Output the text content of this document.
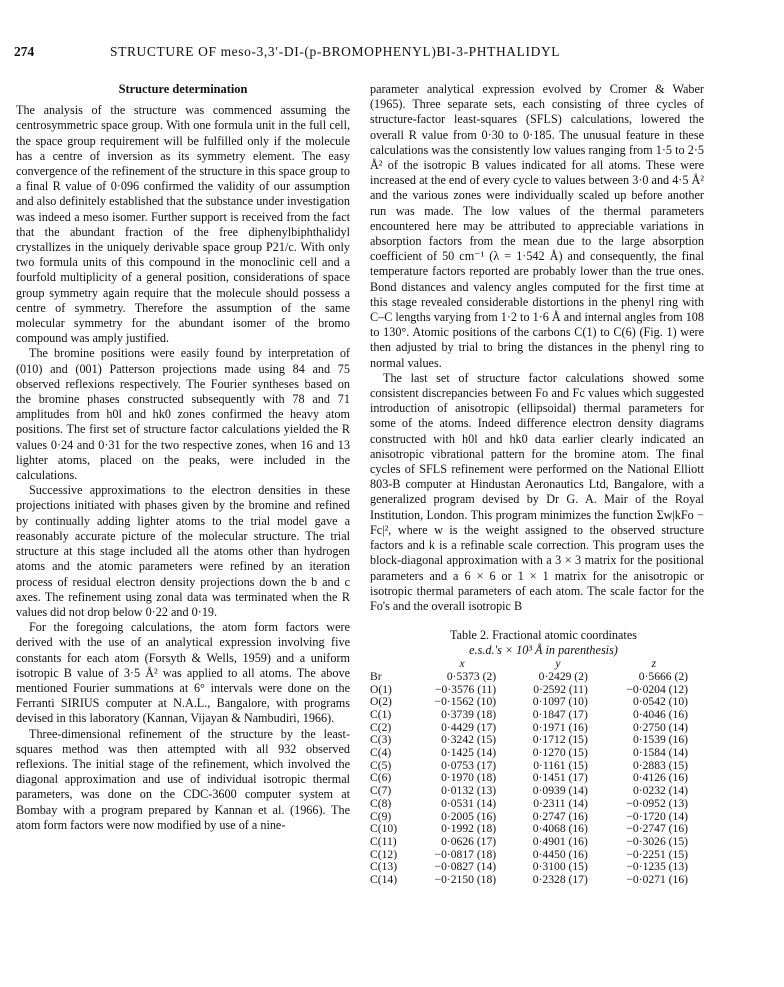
274	STRUCTURE OF meso-3,3′-DI-(p-BROMOPHENYL)BI-3-PHTHALIDYL
Structure determination

The analysis of the structure was commenced assuming the centrosymmetric space group. With one formula unit in the full cell, the space group requirement will be fulfilled only if the molecule has a centre of inversion as its symmetry element. The easy convergence of the refinement of the structure in this space group to a final R value of 0·096 confirmed the validity of our assumption and also definitely established that the substance under investigation was indeed a meso isomer. Further support is received from the fact that the abundant fraction of the free diphenylbiphthalidyl crystallizes in the uniquely derivable space group P21/c. With only two formula units of this compound in the monoclinic cell and a fourfold multiplicity of a general position, considerations of space group symmetry again require that the molecule should possess a centre of symmetry. Therefore the assumption of the same molecular symmetry for the abundant isomer of the bromo compound was amply justified.

The bromine positions were easily found by interpretation of (010) and (001) Patterson projections made using 84 and 75 observed reflexions respectively. The Fourier syntheses based on the bromine phases constructed subsequently with 78 and 71 amplitudes from h0l and hk0 zones confirmed the heavy atom positions. The first set of structure factor calculations yielded the R values 0·24 and 0·31 for the two respective zones, when 16 and 13 lighter atoms, placed on the peaks, were included in the calculations.

Successive approximations to the electron densities in these projections initiated with phases given by the bromine and refined by continually adding lighter atoms to the trial model gave a reasonably accurate picture of the molecular structure. The trial structure at this stage included all the atoms other than hydrogen atoms and the atomic parameters were refined by an iteration process of residual electron density projections down the b and c axes. The refinement using zonal data was terminated when the R values did not drop below 0·22 and 0·19.

For the foregoing calculations, the atom form factors were derived with the use of an analytical expression involving five constants for each atom (Forsyth & Wells, 1959) and a uniform isotropic B value of 3·5 Å² was applied to all atoms. The above mentioned Fourier summations at 6° intervals were done on the Ferranti SIRIUS computer at N.A.L., Bangalore, with programs devised in this laboratory (Kannan, Vijayan & Nambudiri, 1966).

Three-dimensional refinement of the structure by the least-squares method was then attempted with all 932 observed reflexions. The initial stage of the refinement, which involved the diagonal approximation and use of individual isotropic thermal parameters, was done on the CDC-3600 computer system at Bombay with a program prepared by Kannan et al. (1966). The atom form factors were now modified by use of a nine-

parameter analytical expression evolved by Cromer & Waber (1965). Three separate sets, each consisting of three cycles of structure-factor least-squares (SFLS) calculations, lowered the overall R value from 0·30 to 0·185. The unusual feature in these calculations was the consistently low values ranging from 1·5 to 2·5 Å² of the isotropic B values indicated for all atoms. These were increased at the end of every cycle to values between 3·0 and 4·5 Å² and the various zones were individually scaled up before another run was made. The low values of the thermal parameters encountered here may be attributed to appreciable variations in absorption factors from the mean due to the large absorption coefficient of 50 cm⁻¹ (λ = 1·542 Å) and consequently, the final temperature factors reported are probably lower than the true ones. Bond distances and valency angles computed for the first time at this stage revealed considerable distortions in the phenyl ring with C–C lengths varying from 1·2 to 1·6 Å and internal angles from 108 to 130°. Atomic positions of the carbons C(1) to C(6) (Fig. 1) were then adjusted by trial to bring the distances in the phenyl ring to normal values.

The last set of structure factor calculations showed some consistent discrepancies between Fo and Fc values which suggested introduction of anisotropic (ellipsoidal) thermal parameters for some of the atoms. Indeed difference electron density diagrams constructed with h0l and hk0 data earlier clearly indicated an anisotropic vibrational pattern for the bromine atom. The final cycles of SFLS refinement were performed on the National Elliott 803-B computer at Hindustan Aeronautics Ltd, Bangalore, with a generalized program devised by Dr G. A. Mair of the Royal Institution, London. This program minimizes the function Σw|kFo − Fc|², where w is the weight assigned to the observed structure factors and k is a refinable scale correction. This program uses the block-diagonal approximation with a 3 × 3 matrix for the positional parameters and a 6 × 6 or 1 × 1 matrix for the anisotropic or isotropic thermal parameters of each atom. The scale factor for the Fo's and the overall isotropic B

Table 2. Fractional atomic coordinates

e.s.d.'s × 10³ Å in parenthesis)

	x	y	z
Br	0·5373 (2)	0·2429 (2)	0·5666 (2)
O(1)	−0·3576 (11)	0·2592 (11)	−0·0204 (12)
O(2)	−0·1562 (10)	0·1097 (10)	0·0542 (10)
C(1)	0·3739 (18)	0·1847 (17)	0·4046 (16)
C(2)	0·4429 (17)	0·1971 (16)	0·2750 (14)
C(3)	0·3242 (15)	0·1712 (15)	0·1539 (16)
C(4)	0·1425 (14)	0·1270 (15)	0·1584 (14)
C(5)	0·0753 (17)	0·1161 (15)	0·2883 (15)
C(6)	0·1970 (18)	0·1451 (17)	0·4126 (16)
C(7)	0·0132 (13)	0·0939 (14)	0·0232 (14)
C(8)	0·0531 (14)	0·2311 (14)	−0·0952 (13)
C(9)	0·2005 (16)	0·2747 (16)	−0·1720 (14)
C(10)	0·1992 (18)	0·4068 (16)	−0·2747 (16)
C(11)	0·0626 (17)	0·4901 (16)	−0·3026 (15)
C(12)	−0·0817 (18)	0·4450 (16)	−0·2251 (15)
C(13)	−0·0827 (14)	0·3100 (15)	−0·1235 (13)
C(14)	−0·2150 (18)	0·2328 (17)	−0·0271 (16)
